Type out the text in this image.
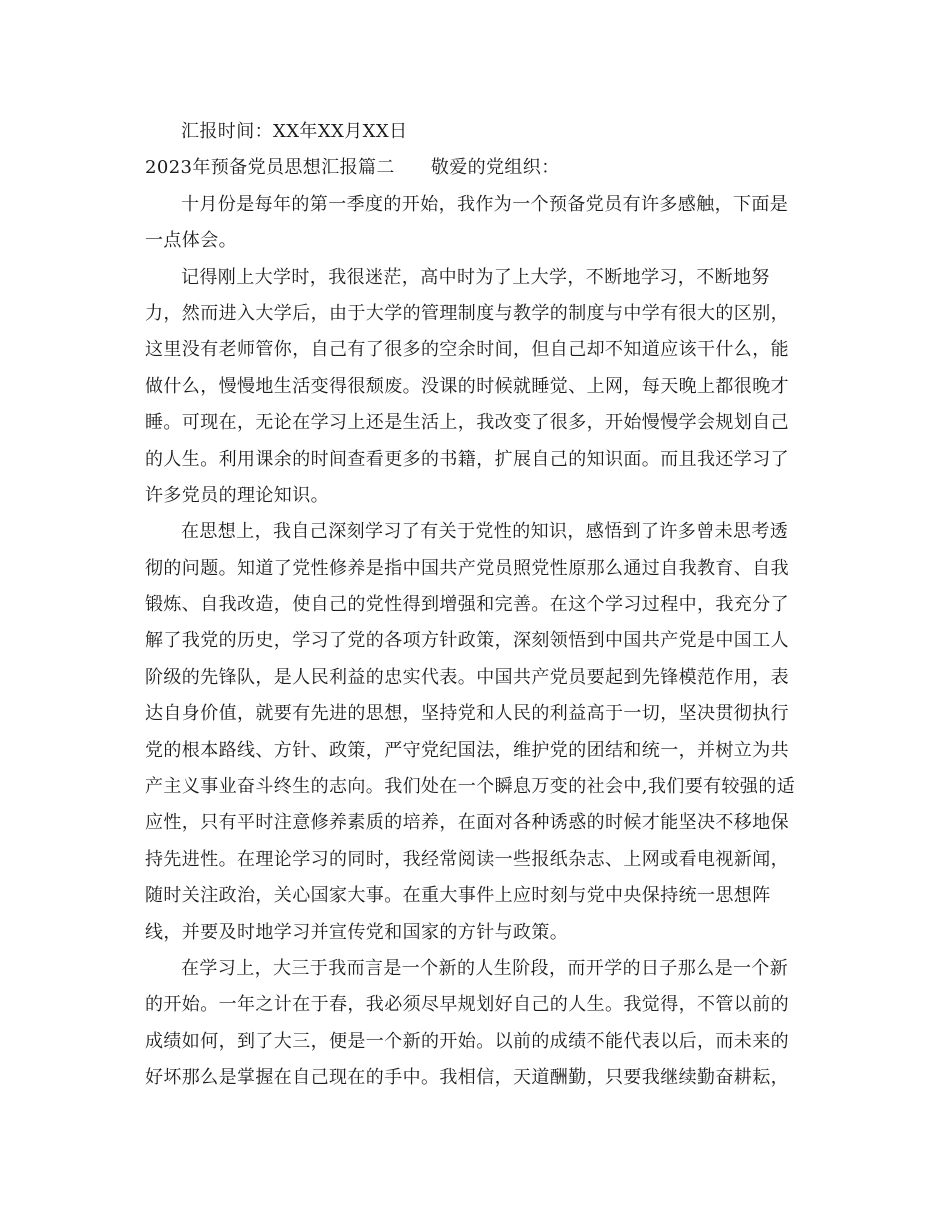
汇报时间：XX年XX月XX日
2023年预备党员思想汇报篇二 敬爱的党组织：
十月份是每年的第一季度的开始，我作为一个预备党员有许多感触，下面是
一点体会。
记得刚上大学时，我很迷茫，高中时为了上大学，不断地学习，不断地努
力，然而进入大学后，由于大学的管理制度与教学的制度与中学有很大的区别，
这里没有老师管你，自己有了很多的空余时间，但自己却不知道应该干什么，能
做什么，慢慢地生活变得很颓废。没课的时候就睡觉、上网，每天晚上都很晚才
睡。可现在，无论在学习上还是生活上，我改变了很多，开始慢慢学会规划自己
的人生。利用课余的时间查看更多的书籍，扩展自己的知识面。而且我还学习了
许多党员的理论知识。
在思想上，我自己深刻学习了有关于党性的知识，感悟到了许多曾未思考透
彻的问题。知道了党性修养是指中国共产党员照党性原那么通过自我教育、自我
锻炼、自我改造，使自己的党性得到增强和完善。在这个学习过程中，我充分了
解了我党的历史，学习了党的各项方针政策，深刻领悟到中国共产党是中国工人
阶级的先锋队，是人民利益的忠实代表。中国共产党员要起到先锋模范作用，表
达自身价值，就要有先进的思想，坚持党和人民的利益高于一切，坚决贯彻执行
党的根本路线、方针、政策，严守党纪国法，维护党的团结和统一，并树立为共
产主义事业奋斗终生的志向。我们处在一个瞬息万变的社会中,我们要有较强的适
应性，只有平时注意修养素质的培养，在面对各种诱惑的时候才能坚决不移地保
持先进性。在理论学习的同时，我经常阅读一些报纸杂志、上网或看电视新闻，
随时关注政治，关心国家大事。在重大事件上应时刻与党中央保持统一思想阵
线，并要及时地学习并宣传党和国家的方针与政策。
在学习上，大三于我而言是一个新的人生阶段，而开学的日子那么是一个新
的开始。一年之计在于春，我必须尽早规划好自己的人生。我觉得，不管以前的
成绩如何，到了大三，便是一个新的开始。以前的成绩不能代表以后，而未来的
好坏那么是掌握在自己现在的手中。我相信，天道酬勤，只要我继续勤奋耕耘，
